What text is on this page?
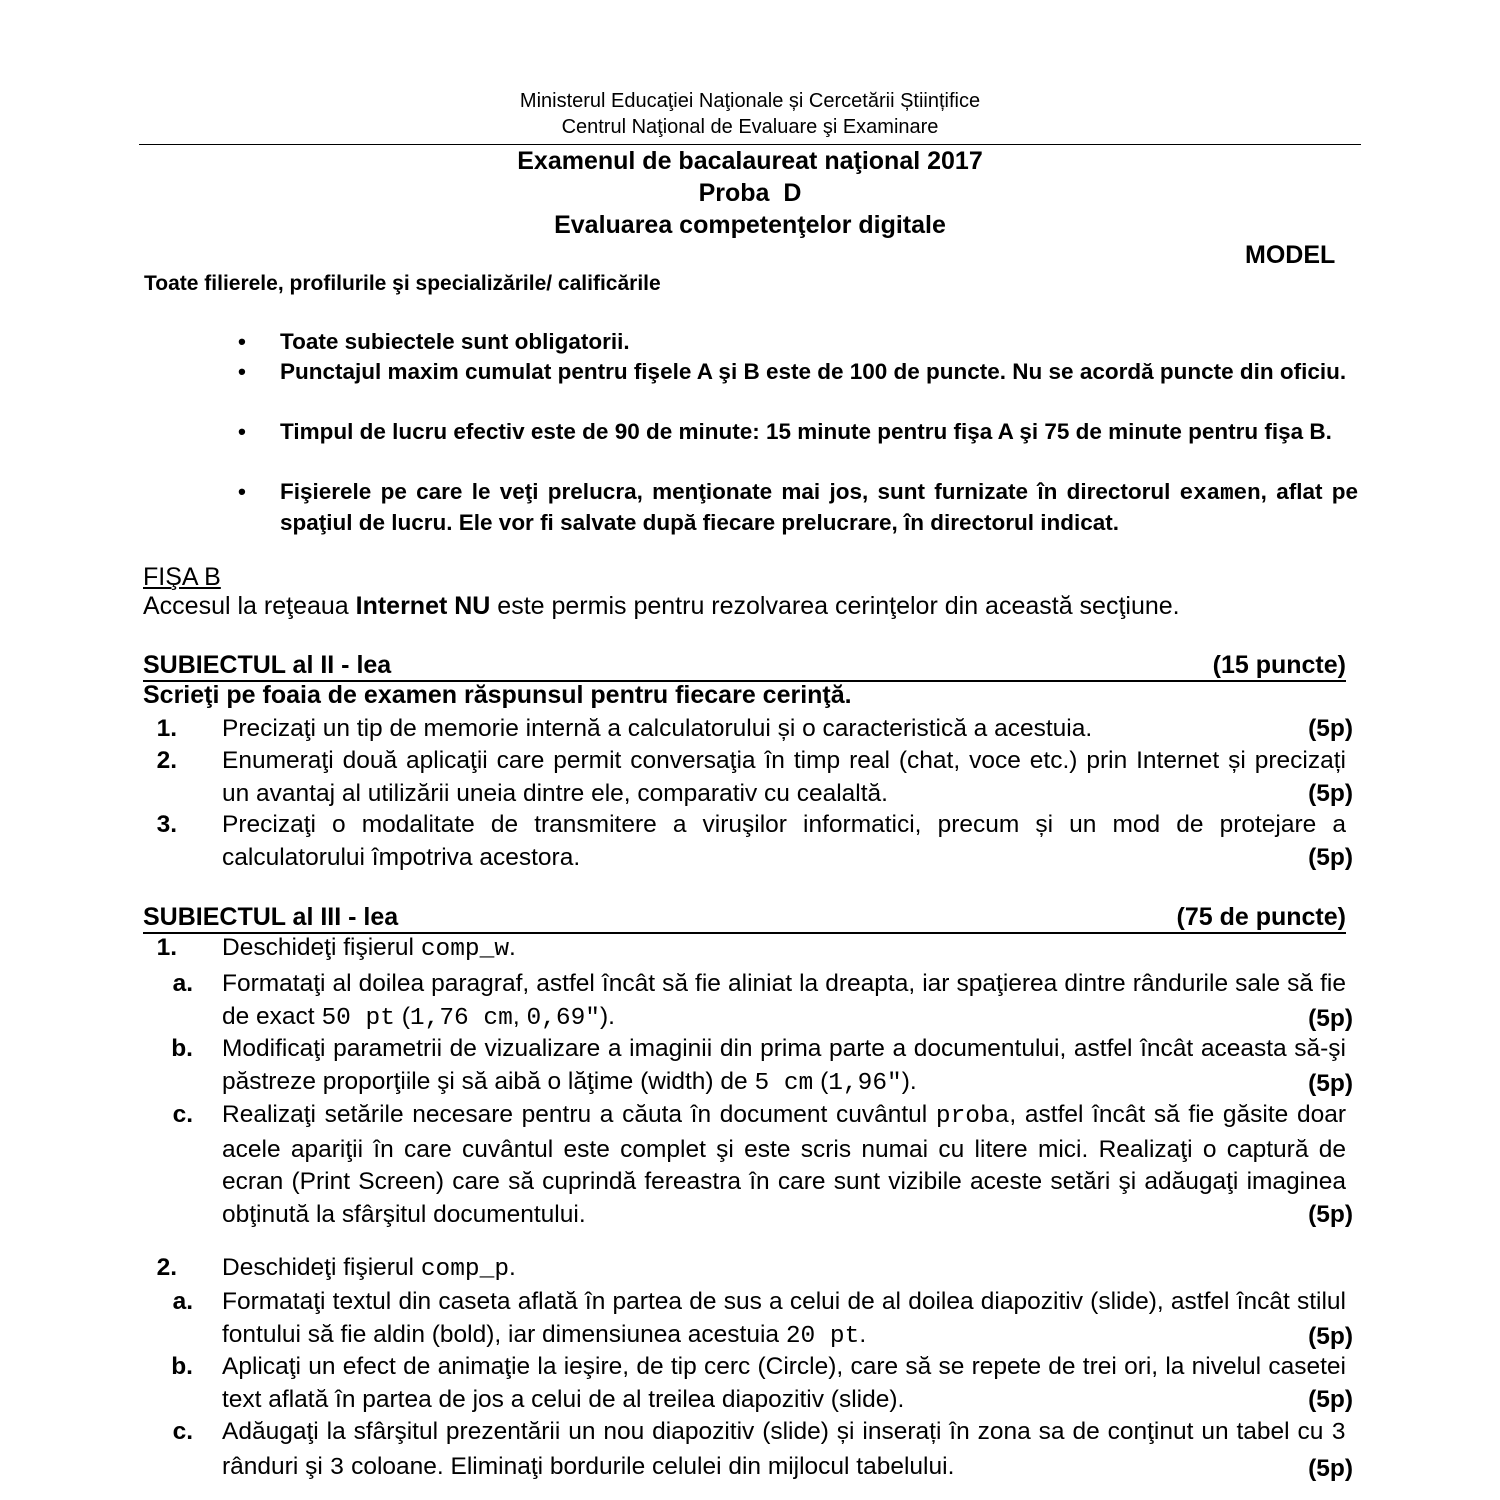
Ministerul Educaţiei Naţionale și Cercetării Științifice
Centrul Naţional de Evaluare şi Examinare
Examenul de bacalaureat naţional 2017
Proba  D
Evaluarea competenţelor digitale
MODEL
Toate filierele, profilurile şi specializările/ calificările
• Toate subiectele sunt obligatorii.
• Punctajul maxim cumulat pentru fişele A şi B este de 100 de puncte. Nu se acordă puncte din oficiu.
• Timpul de lucru efectiv este de 90 de minute: 15 minute pentru fişa A şi 75 de minute pentru fişa B.
• Fişierele pe care le veţi prelucra, menţionate mai jos, sunt furnizate în directorul examen, aflat pe spaţiul de lucru. Ele vor fi salvate după fiecare prelucrare, în directorul indicat.
FIŞA B
Accesul la reţeaua Internet NU este permis pentru rezolvarea cerinţelor din această secţiune.
SUBIECTUL al II - lea	(15 puncte)
Scrieţi pe foaia de examen răspunsul pentru fiecare cerinţă.
1. Precizaţi un tip de memorie internă a calculatorului și o caracteristică a acestuia.	(5p)
2. Enumeraţi două aplicaţii care permit conversaţia în timp real (chat, voce etc.) prin Internet și precizați un avantaj al utilizării uneia dintre ele, comparativ cu cealaltă.	(5p)
3. Precizaţi o modalitate de transmitere a viruşilor informatici, precum și un mod de protejare a calculatorului împotriva acestora.	(5p)
SUBIECTUL al III - lea	(75 de puncte)
1. Deschideţi fişierul comp_w.
a. Formataţi al doilea paragraf, astfel încât să fie aliniat la dreapta, iar spaţierea dintre rândurile sale să fie de exact 50 pt (1,76 cm, 0,69″).	(5p)
b. Modificaţi parametrii de vizualizare a imaginii din prima parte a documentului, astfel încât aceasta să-şi păstreze proporţiile şi să aibă o lăţime (width) de 5 cm (1,96″).	(5p)
c. Realizaţi setările necesare pentru a căuta în document cuvântul proba, astfel încât să fie găsite doar acele apariţii în care cuvântul este complet şi este scris numai cu litere mici. Realizaţi o captură de ecran (Print Screen) care să cuprindă fereastra în care sunt vizibile aceste setări şi adăugaţi imaginea obţinută la sfârşitul documentului.	(5p)
2. Deschideţi fişierul comp_p.
a. Formataţi textul din caseta aflată în partea de sus a celui de al doilea diapozitiv (slide), astfel încât stilul fontului să fie aldin (bold), iar dimensiunea acestuia 20 pt.	(5p)
b. Aplicaţi un efect de animaţie la ieşire, de tip cerc (Circle), care să se repete de trei ori, la nivelul casetei text aflată în partea de jos a celui de al treilea diapozitiv (slide).	(5p)
c. Adăugaţi la sfârşitul prezentării un nou diapozitiv (slide) și inserați în zona sa de conţinut un tabel cu 3 rânduri şi 3 coloane. Eliminaţi bordurile celulei din mijlocul tabelului.	(5p)
